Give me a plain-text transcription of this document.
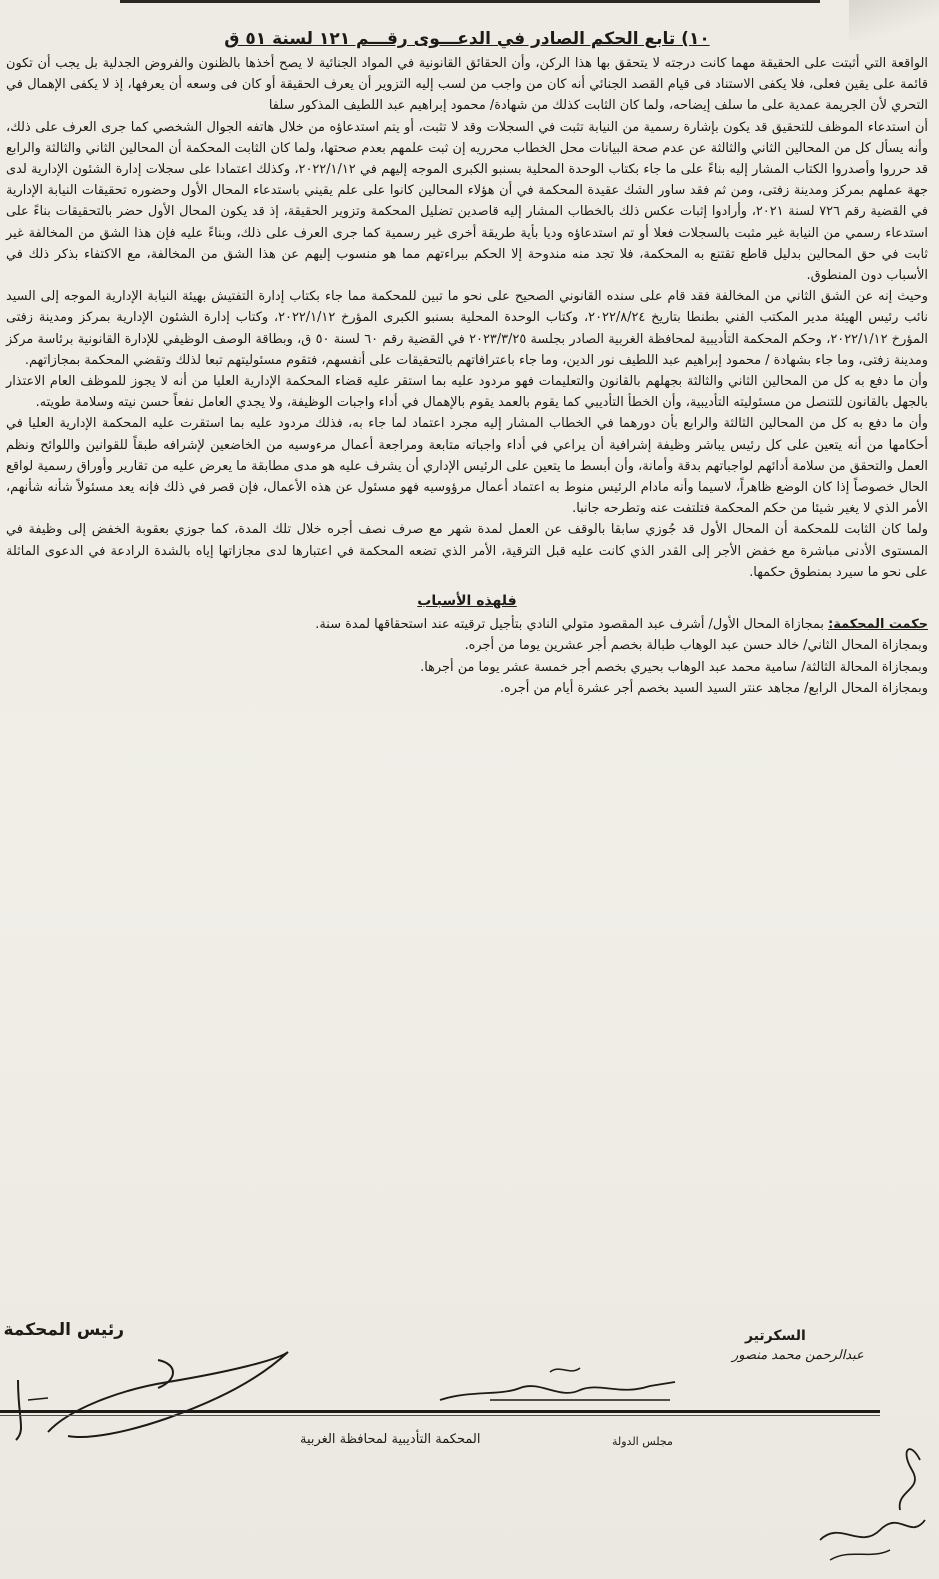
١٠) تابع الحكم الصادر في الدعـــوى رقـــم ١٢١ لسنة ٥١ ق

الواقعة التي أثبتت على الحقيقة مهما كانت درجته لا يتحقق بها هذا الركن، وأن الحقائق القانونية في المواد الجنائية لا يصح أخذها بالظنون والفروض الجدلية بل يجب أن تكون قائمة على يقين فعلى، فلا يكفى الاستناد فى قيام القصد الجنائي أنه كان من واجب من لسب إليه التزوير أن يعرف الحقيقة أو كان فى وسعه أن يعرفها، إذ لا يكفى الإهمال في التحري لأن الجريمة عمدية على ما سلف إيضاحه، ولما كان الثابت كذلك من شهادة/ محمود إبراهيم عبد اللطيف المذكور سلفا

أن استدعاء الموظف للتحقيق قد يكون بإشارة رسمية من النيابة تثبت في السجلات وقد لا تثبت، أو يتم استدعاؤه من خلال هاتفه الجوال الشخصي كما جرى العرف على ذلك، وأنه يسأل كل من المحالين الثاني والثالثة عن عدم صحة البيانات محل الخطاب محرريه إن ثبت علمهم بعدم صحتها، ولما كان الثابت المحكمة أن المحالين الثاني والثالثة والرابع قد حرروا وأصدروا الكتاب المشار إليه بناءً على ما جاء بكتاب الوحدة المحلية بسنبو الكبرى الموجه إليهم في ٢٠٢٢/١/١٢، وكذلك اعتمادا على سجلات إدارة الشئون الإدارية لدى جهة عملهم بمركز ومدينة زفتى، ومن ثم فقد ساور الشك عقيدة المحكمة في أن هؤلاء المحالين كانوا على علم يقيني باستدعاء المحال الأول وحضوره تحقيقات النيابة الإدارية في القضية رقم ٧٢٦ لسنة ٢٠٢١، وأرادوا إثبات عكس ذلك بالخطاب المشار إليه قاصدين تضليل المحكمة وتزوير الحقيقة، إذ قد يكون المحال الأول حضر بالتحقيقات بناءً على استدعاء رسمي من النيابة غير مثبت بالسجلات فعلا أو تم استدعاؤه وديا بأية طريقة أخرى غير رسمية كما جرى العرف على ذلك، وبناءً عليه فإن هذا الشق من المخالفة غير ثابت في حق المحالين بدليل قاطع تقتنع به المحكمة، فلا تجد منه مندوحة إلا الحكم ببراءتهم مما هو منسوب إليهم عن هذا الشق من المخالفة، مع الاكتفاء بذكر ذلك في الأسباب دون المنطوق.

وحيث إنه عن الشق الثاني من المخالفة فقد قام على سنده القانوني الصحيح على نحو ما تبين للمحكمة مما جاء بكتاب إدارة التفتيش بهيئة النيابة الإدارية الموجه إلى السيد نائب رئيس الهيئة مدير المكتب الفني بطنطا بتاريخ ٢٠٢٢/٨/٢٤، وكتاب الوحدة المحلية بسنبو الكبرى المؤرخ ٢٠٢٢/١/١٢، وكتاب إدارة الشئون الإدارية بمركز ومدينة زفتى المؤرخ ٢٠٢٢/١/١٢، وحكم المحكمة التأديبية لمحافظة الغربية الصادر بجلسة ٢٠٢٣/٣/٢٥ في القضية رقم ٦٠ لسنة ٥٠ ق، وبطاقة الوصف الوظيفي للإدارة القانونية برئاسة مركز ومدينة زفتى، وما جاء بشهادة / محمود إبراهيم عبد اللطيف نور الدين، وما جاء باعترافاتهم بالتحقيقات على أنفسهم، فتقوم مسئوليتهم تبعا لذلك وتقضي المحكمة بمجازاتهم.

وأن ما دفع به كل من المحالين الثاني والثالثة بجهلهم بالقانون والتعليمات فهو مردود عليه بما استقر عليه قضاء المحكمة الإدارية العليا من أنه لا يجوز للموظف العام الاعتذار بالجهل بالقانون للتنصل من مسئوليته التأديبية، وأن الخطأ التأديبي كما يقوم بالعمد يقوم بالإهمال في أداء واجبات الوظيفة، ولا يجدي العامل نفعاً حسن نيته وسلامة طويته.

وأن ما دفع به كل من المحالين الثالثة والرابع بأن دورهما في الخطاب المشار إليه مجرد اعتماد لما جاء به، فذلك مردود عليه بما استقرت عليه المحكمة الإدارية العليا في أحكامها من أنه يتعين على كل رئيس يباشر وظيفة إشرافية أن يراعي في أداء واجباته متابعة ومراجعة أعمال مرءوسيه من الخاضعين لإشرافه طبقاً للقوانين واللوائح ونظم العمل والتحقق من سلامة أدائهم لواجباتهم بدقة وأمانة، وأن أبسط ما يتعين على الرئيس الإداري أن يشرف عليه هو مدى مطابقة ما يعرض عليه من تقارير وأوراق رسمية لواقع الحال خصوصاً إذا كان الوضع ظاهراً، لاسيما وأنه مادام الرئيس منوط به اعتماد أعمال مرؤوسيه فهو مسئول عن هذه الأعمال، فإن قصر في ذلك فإنه يعد مسئولاً شأنه شأنهم، الأمر الذي لا يغير شيئا من حكم المحكمة فتلتفت عنه وتطرحه جانبا.

ولما كان الثابت للمحكمة أن المحال الأول قد جُوزي سابقا بالوقف عن العمل لمدة شهر مع صرف نصف أجره خلال تلك المدة، كما جوزي بعقوبة الخفض إلى وظيفة في المستوى الأدنى مباشرة مع خفض الأجر إلى القدر الذي كانت عليه قبل الترقية، الأمر الذي تضعه المحكمة في اعتبارها لدى مجازاتها إياه بالشدة الرادعة في الدعوى الماثلة على نحو ما سيرد بمنطوق حكمها.

فلهذه الأسباب

حكمت المحكمة: بمجازاة المحال الأول/ أشرف عبد المقصود متولي النادي بتأجيل ترقيته عند استحقاقها لمدة سنة.

وبمجازاة المحال الثاني/ خالد حسن عبد الوهاب طبالة بخصم أجر عشرين يوما من أجره.

وبمجازاة المحالة الثالثة/ سامية محمد عبد الوهاب بحيري بخصم أجر خمسة عشر يوما من أجرها.

وبمجازاة المحال الرابع/ مجاهد عنتر السيد السيد بخصم أجر عشرة أيام من أجره.

رئيس المحكمة	السكرتير
عبدالرحمن محمد منصور
المحكمة التأديبية لمحافظة الغربية	مجلس الدولة
